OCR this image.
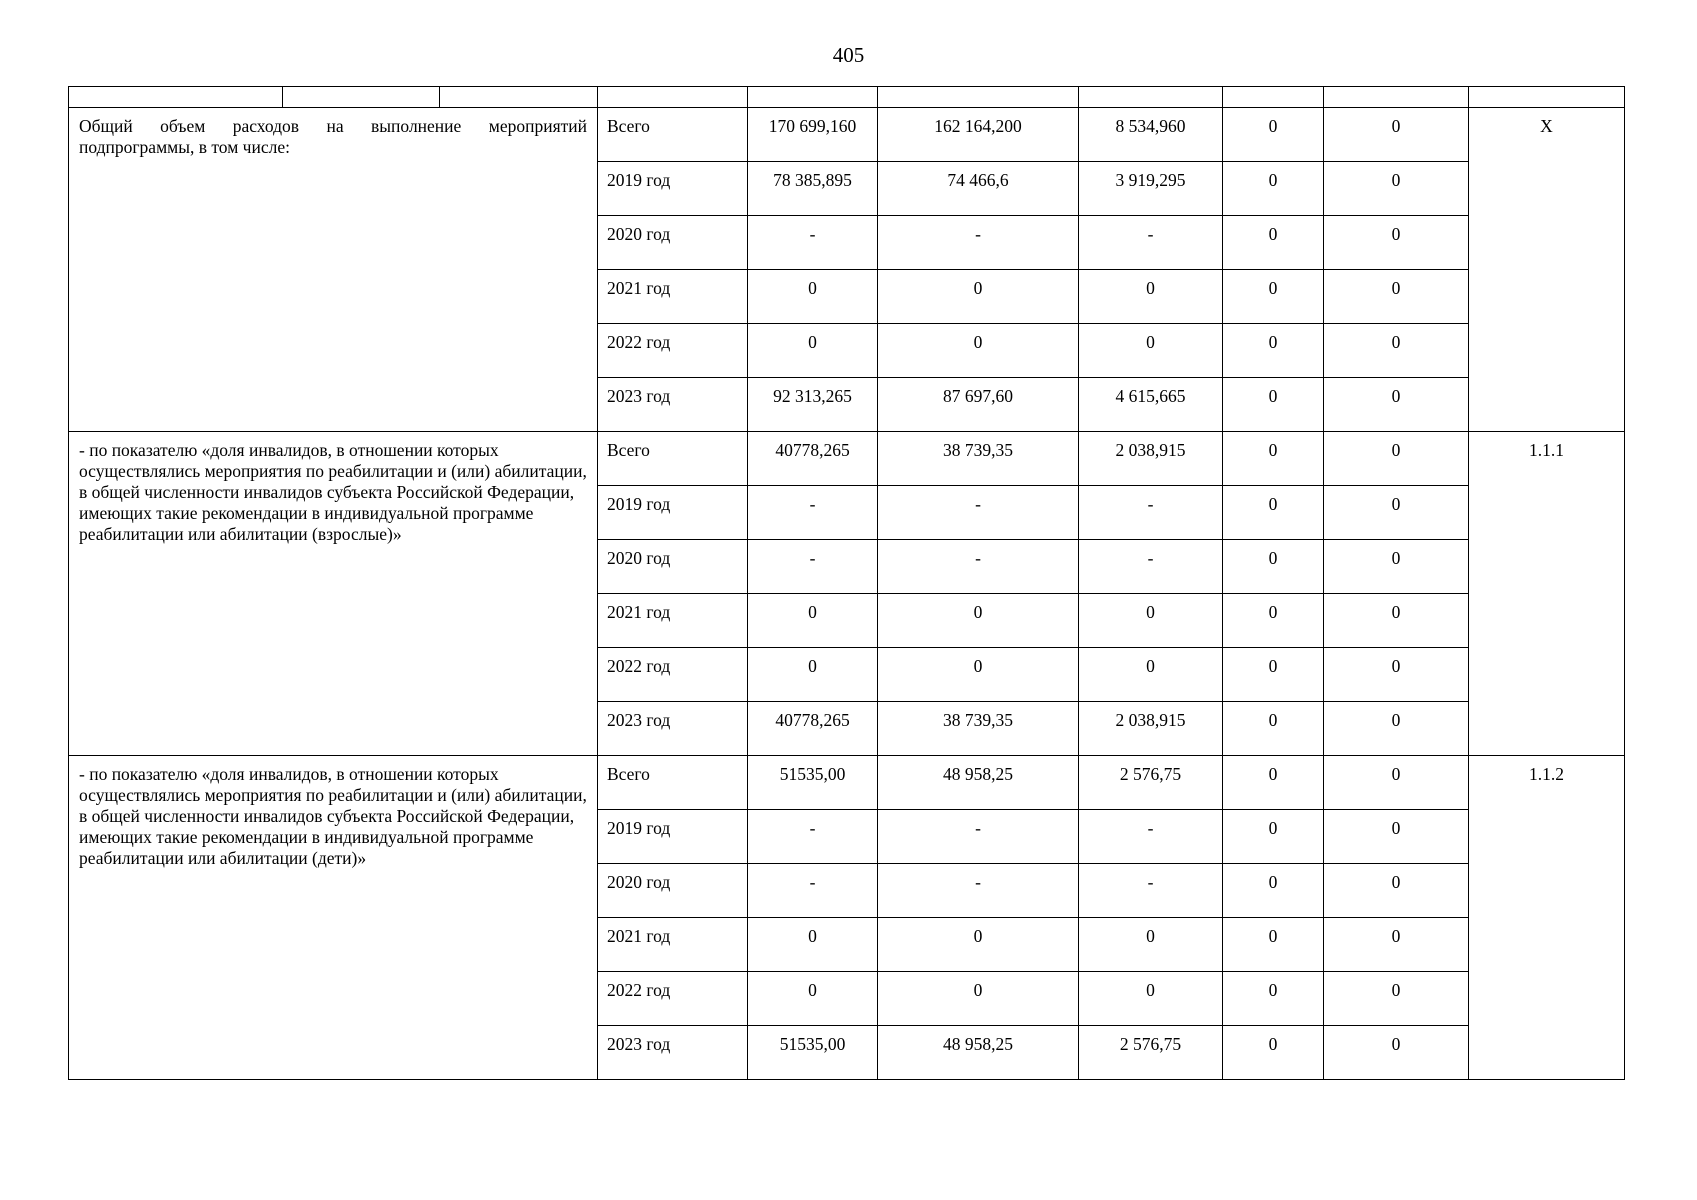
405

Общий объем расходов на выполнение мероприятий подпрограммы, в том числе:			Всего	170 699,160	162 164,200	8 534,960	0	0	Х
			2019 год	78 385,895	74 466,6	3 919,295	0	0	
			2020 год	-	-	-	0	0	
			2021 год	0	0	0	0	0	
			2022 год	0	0	0	0	0	
			2023 год	92 313,265	87 697,60	4 615,665	0	0	
- по показателю «доля инвалидов, в отношении которых осуществлялись мероприятия по реабилитации и (или) абилитации, в общей численности инвалидов субъекта Российской Федерации, имеющих такие рекомендации в индивидуальной программе реабилитации или абилитации (взрослые)»			Всего	40778,265	38 739,35	2 038,915	0	0	1.1.1
			2019 год	-	-	-	0	0	
			2020 год	-	-	-	0	0	
			2021 год	0	0	0	0	0	
			2022 год	0	0	0	0	0	
			2023 год	40778,265	38 739,35	2 038,915	0	0	
- по показателю «доля инвалидов, в отношении которых осуществлялись мероприятия по реабилитации и (или) абилитации, в общей численности инвалидов субъекта Российской Федерации, имеющих такие рекомендации в индивидуальной программе реабилитации или абилитации (дети)»			Всего	51535,00	48 958,25	2 576,75	0	0	1.1.2
			2019 год	-	-	-	0	0	
			2020 год	-	-	-	0	0	
			2021 год	0	0	0	0	0	
			2022 год	0	0	0	0	0	
			2023 год	51535,00	48 958,25	2 576,75	0	0	
